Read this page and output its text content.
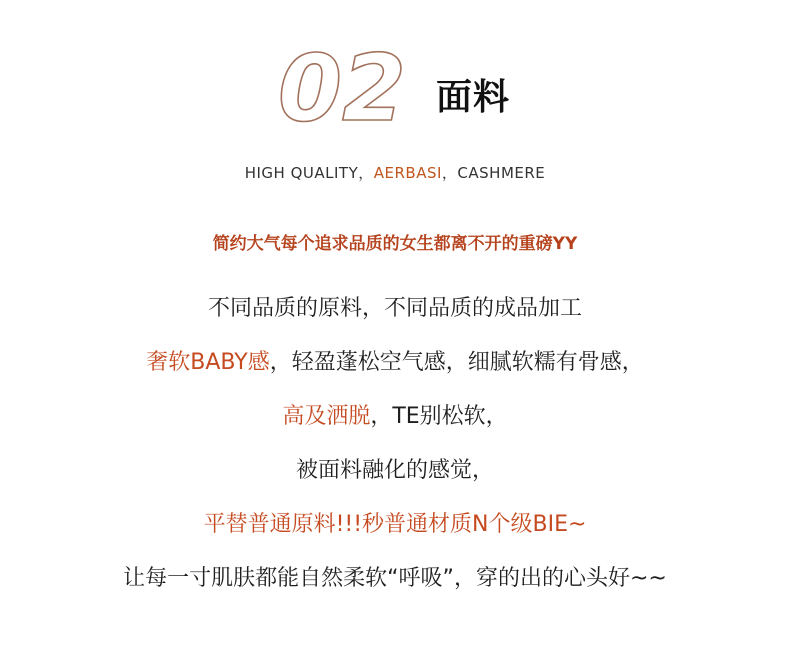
02 面料
HIGH QUALITY，AERBASI，CASHMERE
简约大气每个追求品质的女生都离不开的重磅YY
不同品质的原料，不同品质的成品加工
奢软BABY感，轻盈蓬松空气感，细腻软糯有骨感，
高及洒脱，TE别松软，
被面料融化的感觉，
平替普通原料!!!秒普通材质N个级BIE~
让每一寸肌肤都能自然柔软“呼吸”，穿的出的心头好~~
